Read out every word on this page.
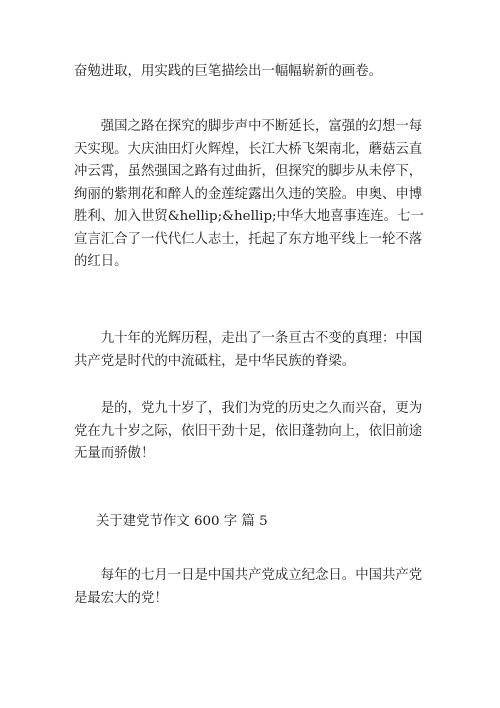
奋勉进取，用实践的巨笔描绘出一幅幅崭新的画卷。

　　强国之路在探究的脚步声中不断延长，富强的幻想一每
天实现。大庆油田灯火辉煌，长江大桥飞架南北，蘑菇云直
冲云霄，虽然强国之路有过曲折，但探究的脚步从未停下，
绚丽的紫荆花和醉人的金莲绽露出久违的笑脸。申奥、申博
胜利、加入世贸&hellip;&hellip;中华大地喜事连连。七一
宣言汇合了一代代仁人志士，托起了东方地平线上一轮不落
的红日。

　　九十年的光辉历程，走出了一条亘古不变的真理：中国
共产党是时代的中流砥柱，是中华民族的脊梁。

　　是的，党九十岁了，我们为党的历史之久而兴奋，更为
党在九十岁之际，依旧干劲十足，依旧蓬勃向上，依旧前途
无量而骄傲！

关于建党节作文 600 字 篇 5

　　每年的七月一日是中国共产党成立纪念日。中国共产党
是最宏大的党！
